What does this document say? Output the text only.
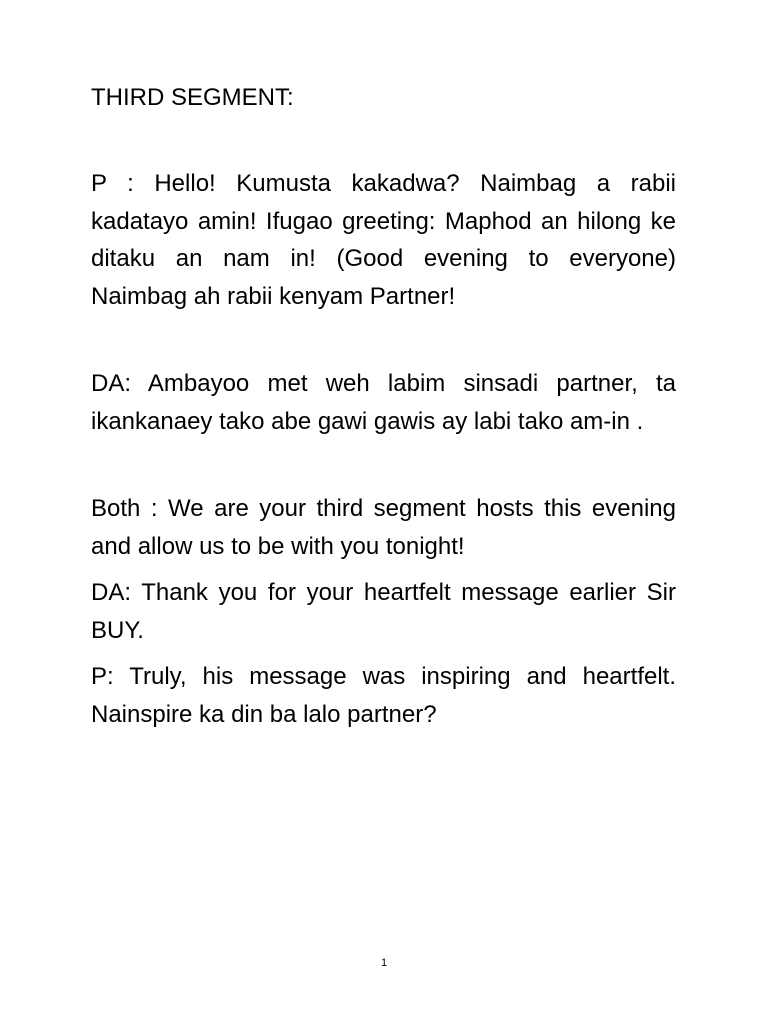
THIRD SEGMENT:

P : Hello! Kumusta kakadwa? Naimbag a rabii kadatayo amin! Ifugao greeting: Maphod an hilong ke ditaku an nam in! (Good evening to everyone) Naimbag ah rabii kenyam Partner!

DA: Ambayoo met weh labim sinsadi partner, ta ikankanaey tako abe gawi gawis ay labi tako am-in .

Both : We are your third segment hosts this evening and allow us to be with you tonight!

DA: Thank you for your heartfelt message earlier Sir BUY.

P: Truly, his message was inspiring and heartfelt. Nainspire ka din ba lalo partner?

1
